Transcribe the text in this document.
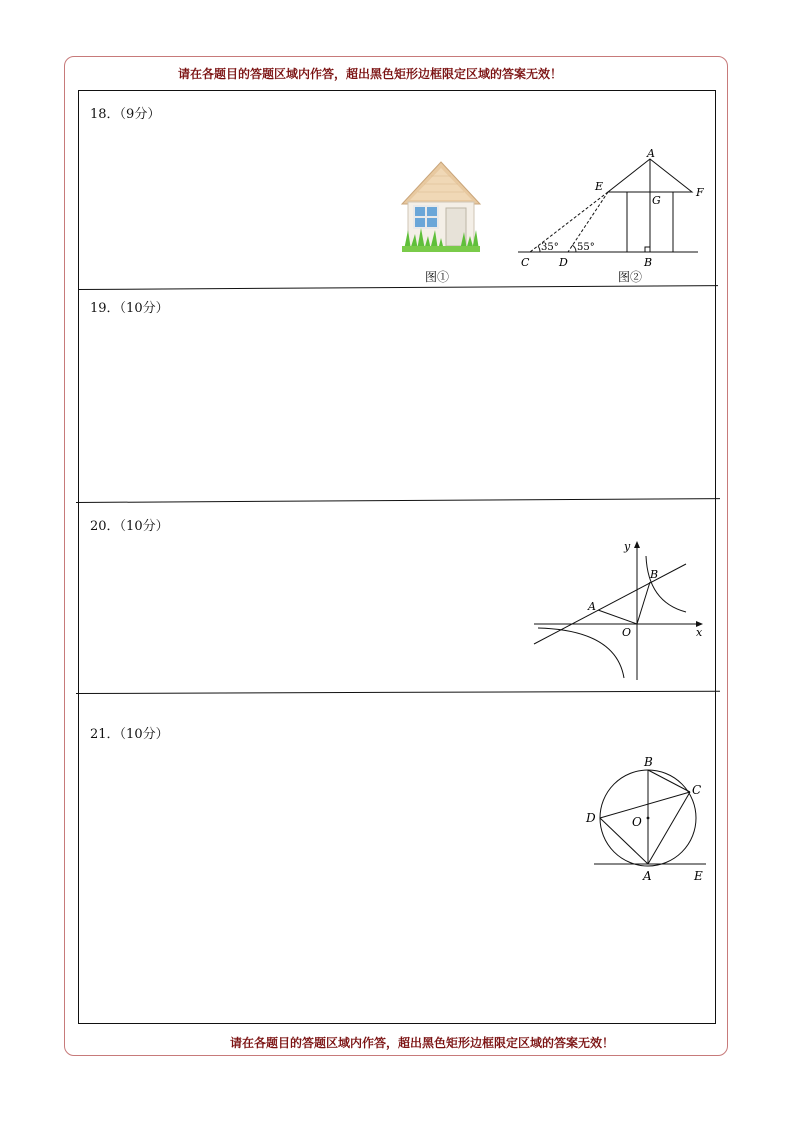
请在各题目的答题区域内作答，超出黑色矩形边框限定区域的答案无效！
请在各题目的答题区域内作答，超出黑色矩形边框限定区域的答案无效！
18．（9分）
19．（10分）
20．（10分）
21．（10分）
图①
A
E	F
G
C	D	B
35° 55°
图②
y
x
O
A
B
B
C
D	O
A	E
